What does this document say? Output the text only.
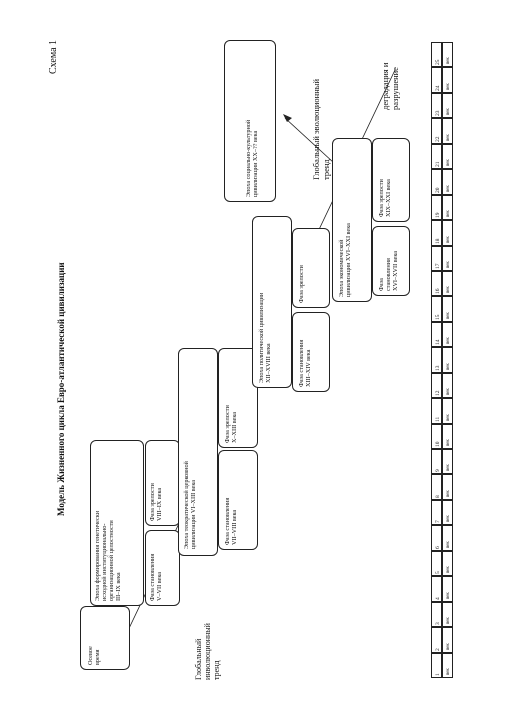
Схема 1
Модель Жизненного цикла Евро-атлантической цивилизации
Осевое
время
Эпоха формирования генетически
исходной институционально-
организационной целостности
III–IX века
Фаза становления
V–VII века
Фаза зрелости
VIII–IX века
Эпоха теократической церковной
цивилизации VI–XIII века
Фаза становления
VII–VIII века
Фаза зрелости
X–XIII века
Эпоха политической цивилизации
XII–XVIII века
Фаза становления
XIII–XIV века
Фаза зрелости	Эпоха экономической
цивилизации XVI–XXI века
Фаза
становления
XVI–XVII века
Фаза зрелости
XIX–XXI века
Эпоха социально-культурной
цивилизации XX–?? века
Глобальный инволюционный
тренд
Глобальный эволюционный
тренд
деградация и
разрушение
1 век
2 век
3 век
4 век
5 век
6 век
7 век
8 век
9 век
10 век
11 век
12 век
13 век
14 век
15 век
16 век
17 век
18 век
19 век
20 век
21 век
22 век
23 век
24 век
25 век
